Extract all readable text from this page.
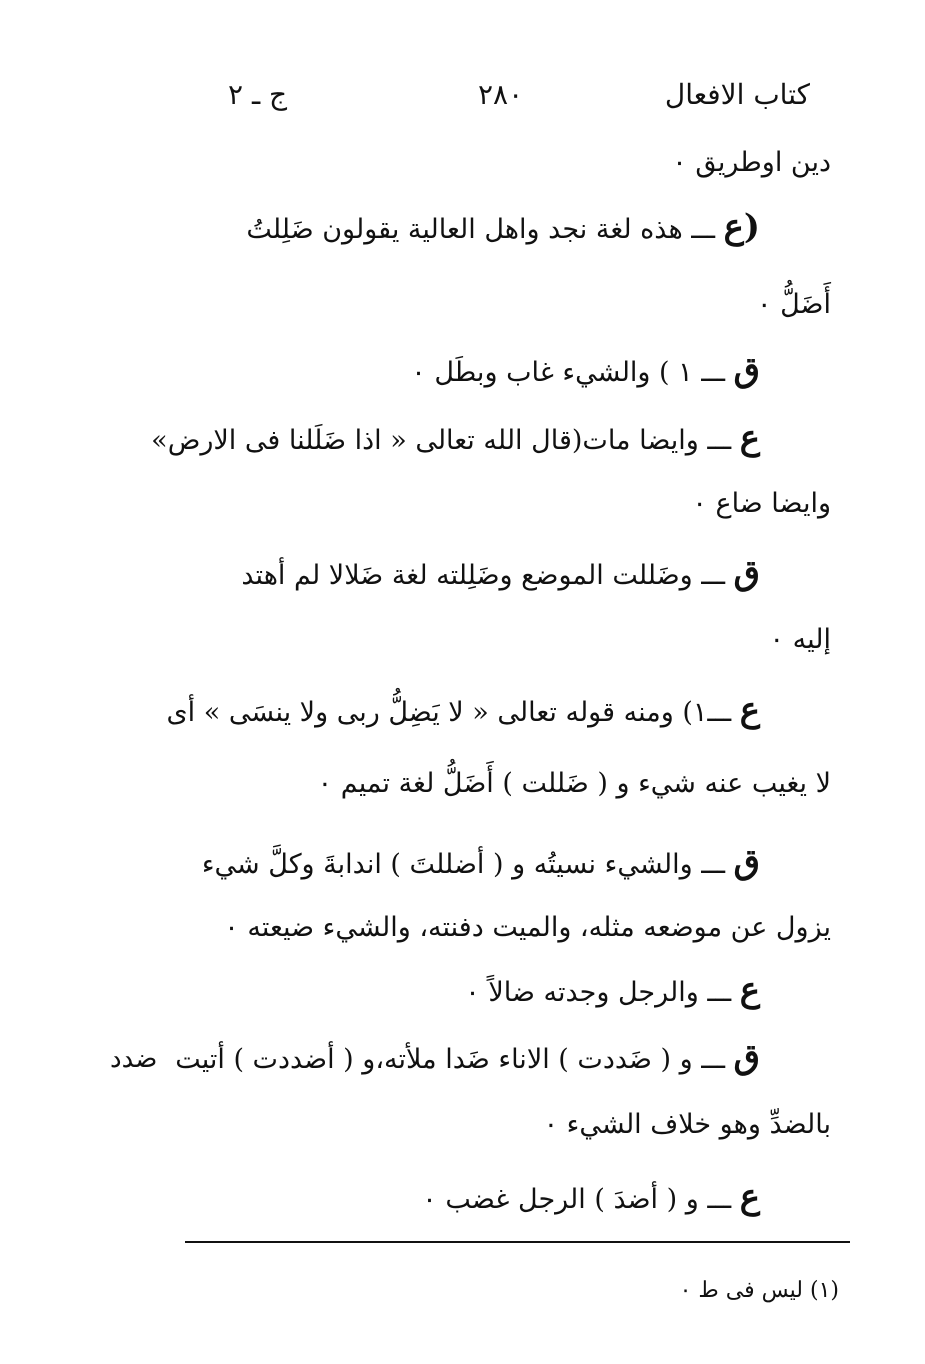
كتاب الافعال
٢٨٠
ج ـ ٢
دين اوطريق ٠
(ع ـــ هذه لغة نجد واهل العالية يقولون ضَلِلتُ
أَضَلُّ ٠
ق ـــ ١ ) والشيء غاب وبطَل ٠
ع ـــ وايضا مات(قال الله تعالى « اذا ضَلَلنا فى الارض»
وايضا ضاع ٠
ق ـــ وضَللت الموضع وضَلِلته لغة ضَلالا لم أهتد
إليه ٠
ع ـــ١) ومنه قوله تعالى « لا يَضِلُّ ربى ولا ينسَى » أى
لا يغيب عنه شيء و ( ضَللت ) أَضَلُّ لغة تميم ٠
ق ـــ والشيء نسيتُه و ( أضللتَ ) اندابةَ وكلَّ شيء
يزول عن موضعه مثله، والميت دفنته، والشيء ضيعته ٠
ع ـــ والرجل وجدته ضالاً ٠
ق ـــ و ( ضَددت ) الاناء ضَدا ملأته،و ( أضددت ) أتيت
ضدد
بالضدِّ وهو خلاف الشيء ٠
ع ـــ و ( أضدَ ) الرجل غضب ٠
(١) ليس فى ط ٠
